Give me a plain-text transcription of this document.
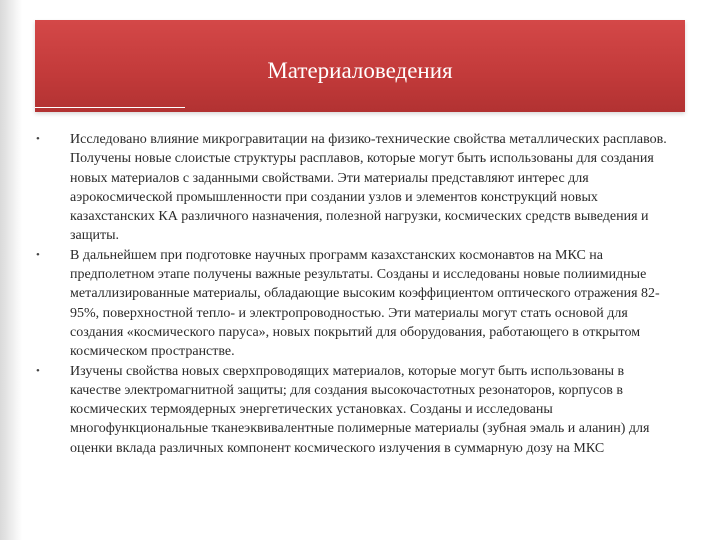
Материаловедения
•	Исследовано влияние микрогравитации на физико-технические свойства металлических расплавов. Получены новые слоистые структуры расплавов, которые могут быть использованы для создания новых материалов с заданными свойствами. Эти материалы представляют интерес для аэрокосмической промышленности при создании узлов и элементов конструкций новых казахстанских КА различного назначения, полезной нагрузки, космических средств выведения и защиты.
•	В дальнейшем при подготовке научных программ казахстанских космонавтов на МКС на предполетном этапе получены важные результаты. Созданы и исследованы новые полиимидные металлизированные материалы, обладающие высоким коэффициентом оптического отражения 82-95%, поверхностной тепло- и электропроводностью. Эти материалы могут стать основой для создания «космического паруса», новых покрытий для оборудования, работающего в открытом космическом пространстве.
•	Изучены свойства новых сверхпроводящих материалов, которые могут быть использованы в качестве электромагнитной защиты; для создания высокочастотных резонаторов, корпусов в космических термоядерных энергетических установках. Созданы и исследованы многофункциональные тканеэквивалентные полимерные материалы (зубная эмаль и аланин) для оценки вклада различных компонент космического излучения в суммарную дозу на МКС
